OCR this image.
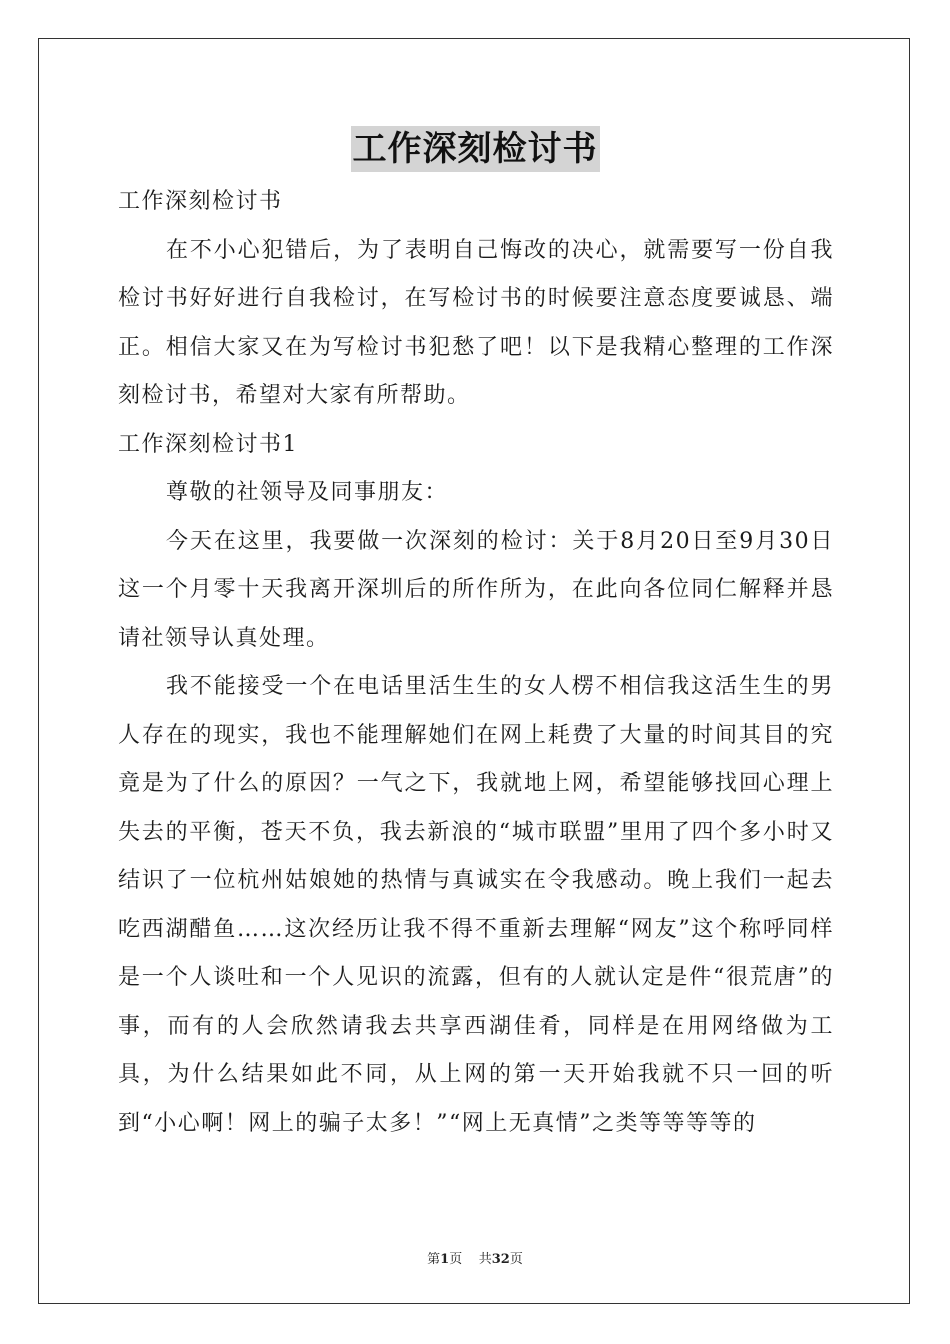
工作深刻检讨书

工作深刻检讨书

在不小心犯错后，为了表明自己悔改的决心，就需要写一份自我检讨书好好进行自我检讨，在写检讨书的时候要注意态度要诚恳、端正。相信大家又在为写检讨书犯愁了吧！以下是我精心整理的工作深刻检讨书，希望对大家有所帮助。

工作深刻检讨书1

尊敬的社领导及同事朋友：

今天在这里，我要做一次深刻的检讨：关于8月20日至9月30日这一个月零十天我离开深圳后的所作所为，在此向各位同仁解释并恳请社领导认真处理。

我不能接受一个在电话里活生生的女人楞不相信我这活生生的男人存在的现实，我也不能理解她们在网上耗费了大量的时间其目的究竟是为了什么的原因？一气之下，我就地上网，希望能够找回心理上失去的平衡，苍天不负，我去新浪的“城市联盟”里用了四个多小时又结识了一位杭州姑娘她的热情与真诚实在令我感动。晚上我们一起去吃西湖醋鱼……这次经历让我不得不重新去理解“网友”这个称呼同样是一个人谈吐和一个人见识的流露，但有的人就认定是件“很荒唐”的事，而有的人会欣然请我去共享西湖佳肴，同样是在用网络做为工具，为什么结果如此不同，从上网的第一天开始我就不只一回的听到“小心啊！网上的骗子太多！”“网上无真情”之类等等等等的

第1页 共32页
